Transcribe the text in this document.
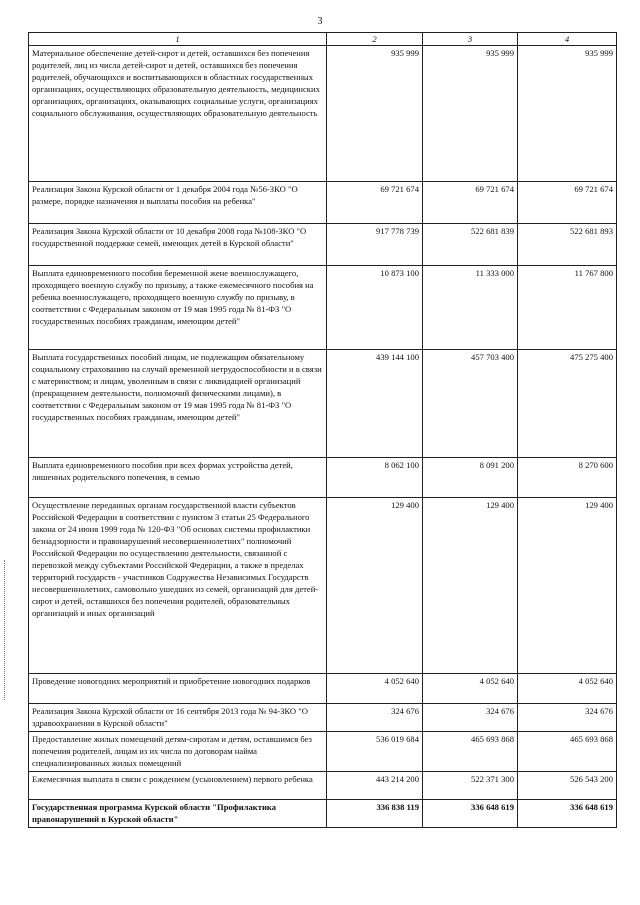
3
1	2	3	4
Материальное обеспечение детей-сирот и детей, оставшихся без попечения родителей, лиц из числа детей-сирот и детей, оставшихся без попечения родителей, обучающихся и воспитывающихся в областных государственных организациях, осуществляющих образовательную деятельность, медицинских организациях, организациях, оказывающих социальные услуги, организациях социального обслуживания, осуществляющих образовательную деятельность	935 999	935 999	935 999
Реализация Закона Курской области от 1 декабря 2004 года №56-ЗКО "О размере, порядке назначения и выплаты пособия на ребенка"	69 721 674	69 721 674	69 721 674
Реализация Закона Курской области от 10 декабря 2008 года №108-ЗКО "О государственной поддержке семей, имеющих детей в Курской области"	917 778 739	522 681 839	522 681 893
Выплата единовременного пособия беременной жене военнослужащего, проходящего военную службу по призыву, а также ежемесячного пособия на ребенка военнослужащего, проходящего военную службу по призыву, в соответствии с Федеральным законом от 19 мая 1995 года № 81-ФЗ "О государственных пособиях гражданам, имеющим детей"	10 873 100	11 333 000	11 767 800
Выплата государственных пособий лицам, не подлежащим обязательному социальному страхованию на случай временной нетрудоспособности и в связи с материнством; и лицам, уволенным в связи с ликвидацией организаций (прекращением деятельности, полномочий физическими лицами), в соответствии с Федеральным законом от 19 мая 1995 года № 81-ФЗ "О государственных пособиях гражданам, имеющим детей"	439 144 100	457 703 400	475 275 400
Выплата единовременного пособия при всех формах устройства детей, лишенных родительского попечения, в семью	8 062 100	8 091 200	8 270 600
Осуществление переданных органам государственной власти субъектов Российской Федерации в соответствии с пунктом 3 статьи 25 Федерального закона от 24 июня 1999 года № 120-ФЗ "Об основах системы профилактики безнадзорности и правонарушений несовершеннолетних" полномочий Российской Федерации по осуществлению деятельности, связанной с перевозкой между субъектами Российской Федерации, а также в пределах территорий государств - участников Содружества Независимых Государств несовершеннолетних, самовольно ушедших из семей, организаций для детей-сирот и детей, оставшихся без попечения родителей, образовательных организаций и иных организаций	129 400	129 400	129 400
Проведение новогодних мероприятий и приобретение новогодних подарков	4 052 640	4 052 640	4 052 640
Реализация Закона Курской области от 16 сентября 2013 года № 94-ЗКО "О здравоохранении в Курской области"	324 676	324 676	324 676
Предоставление жилых помещений детям-сиротам и детям, оставшимся без попечения родителей, лицам из их числа по договорам найма специализированных жилых помещений	536 019 684	465 693 868	465 693 868
Ежемесячная выплата в связи с рождением (усыновлением) первого ребенка	443 214 200	522 371 300	526 543 200
Государственная программа Курской области "Профилактика правонарушений в Курской области"	336 838 119	336 648 619	336 648 619
